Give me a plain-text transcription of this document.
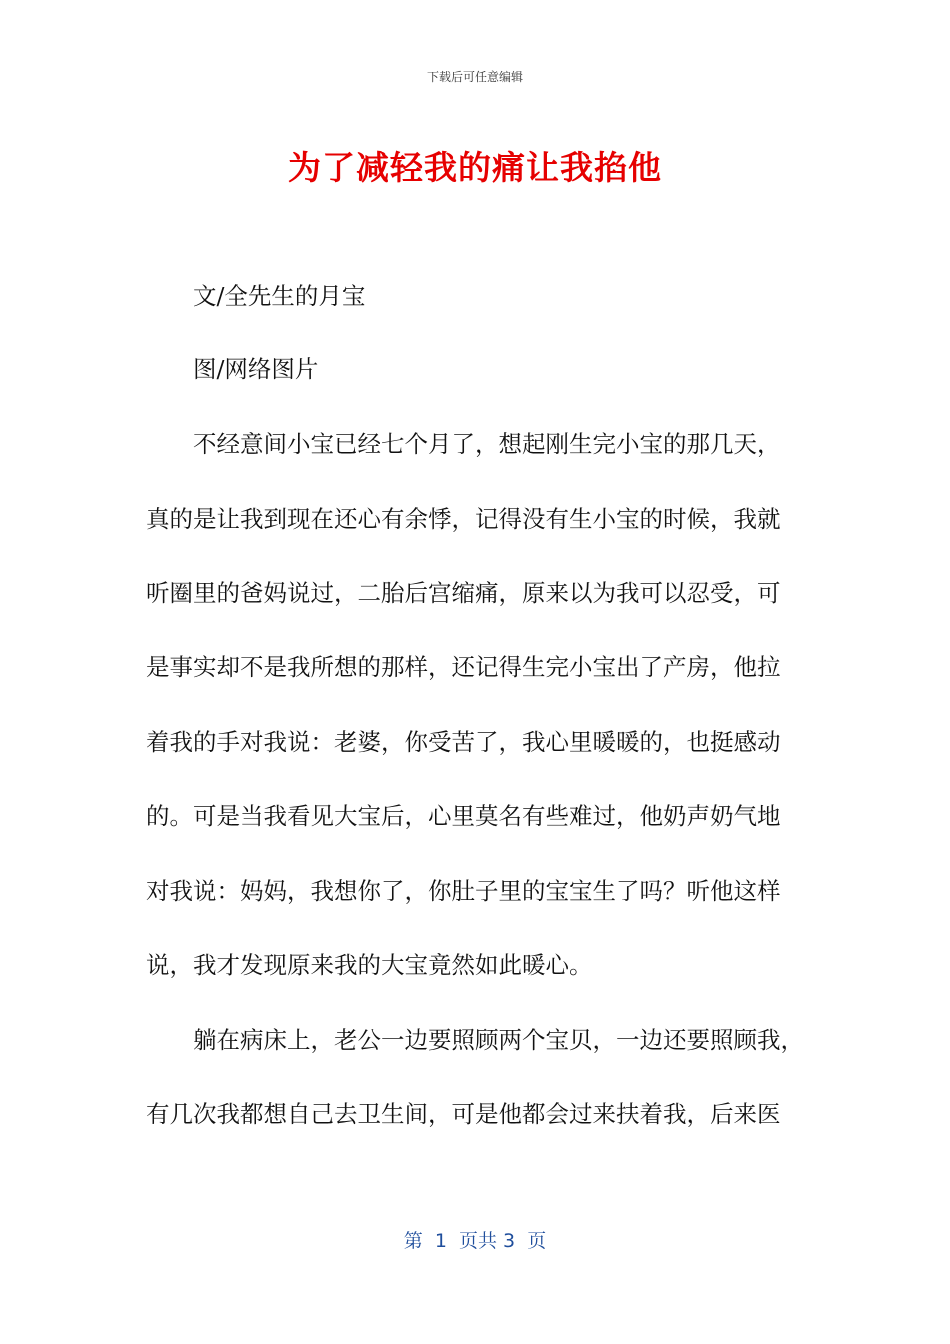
下载后可任意编辑
为了减轻我的痛让我掐他
文/全先生的月宝
图/网络图片
不经意间小宝已经七个月了，想起刚生完小宝的那几天，
真的是让我到现在还心有余悸，记得没有生小宝的时候，我就
听圈里的爸妈说过，二胎后宫缩痛，原来以为我可以忍受，可
是事实却不是我所想的那样，还记得生完小宝出了产房，他拉
着我的手对我说：老婆，你受苦了，我心里暖暖的，也挺感动
的。可是当我看见大宝后，心里莫名有些难过，他奶声奶气地
对我说：妈妈，我想你了，你肚子里的宝宝生了吗？听他这样
说，我才发现原来我的大宝竟然如此暖心。
躺在病床上，老公一边要照顾两个宝贝，一边还要照顾我，
有几次我都想自己去卫生间，可是他都会过来扶着我，后来医
第  1  页共 3  页
